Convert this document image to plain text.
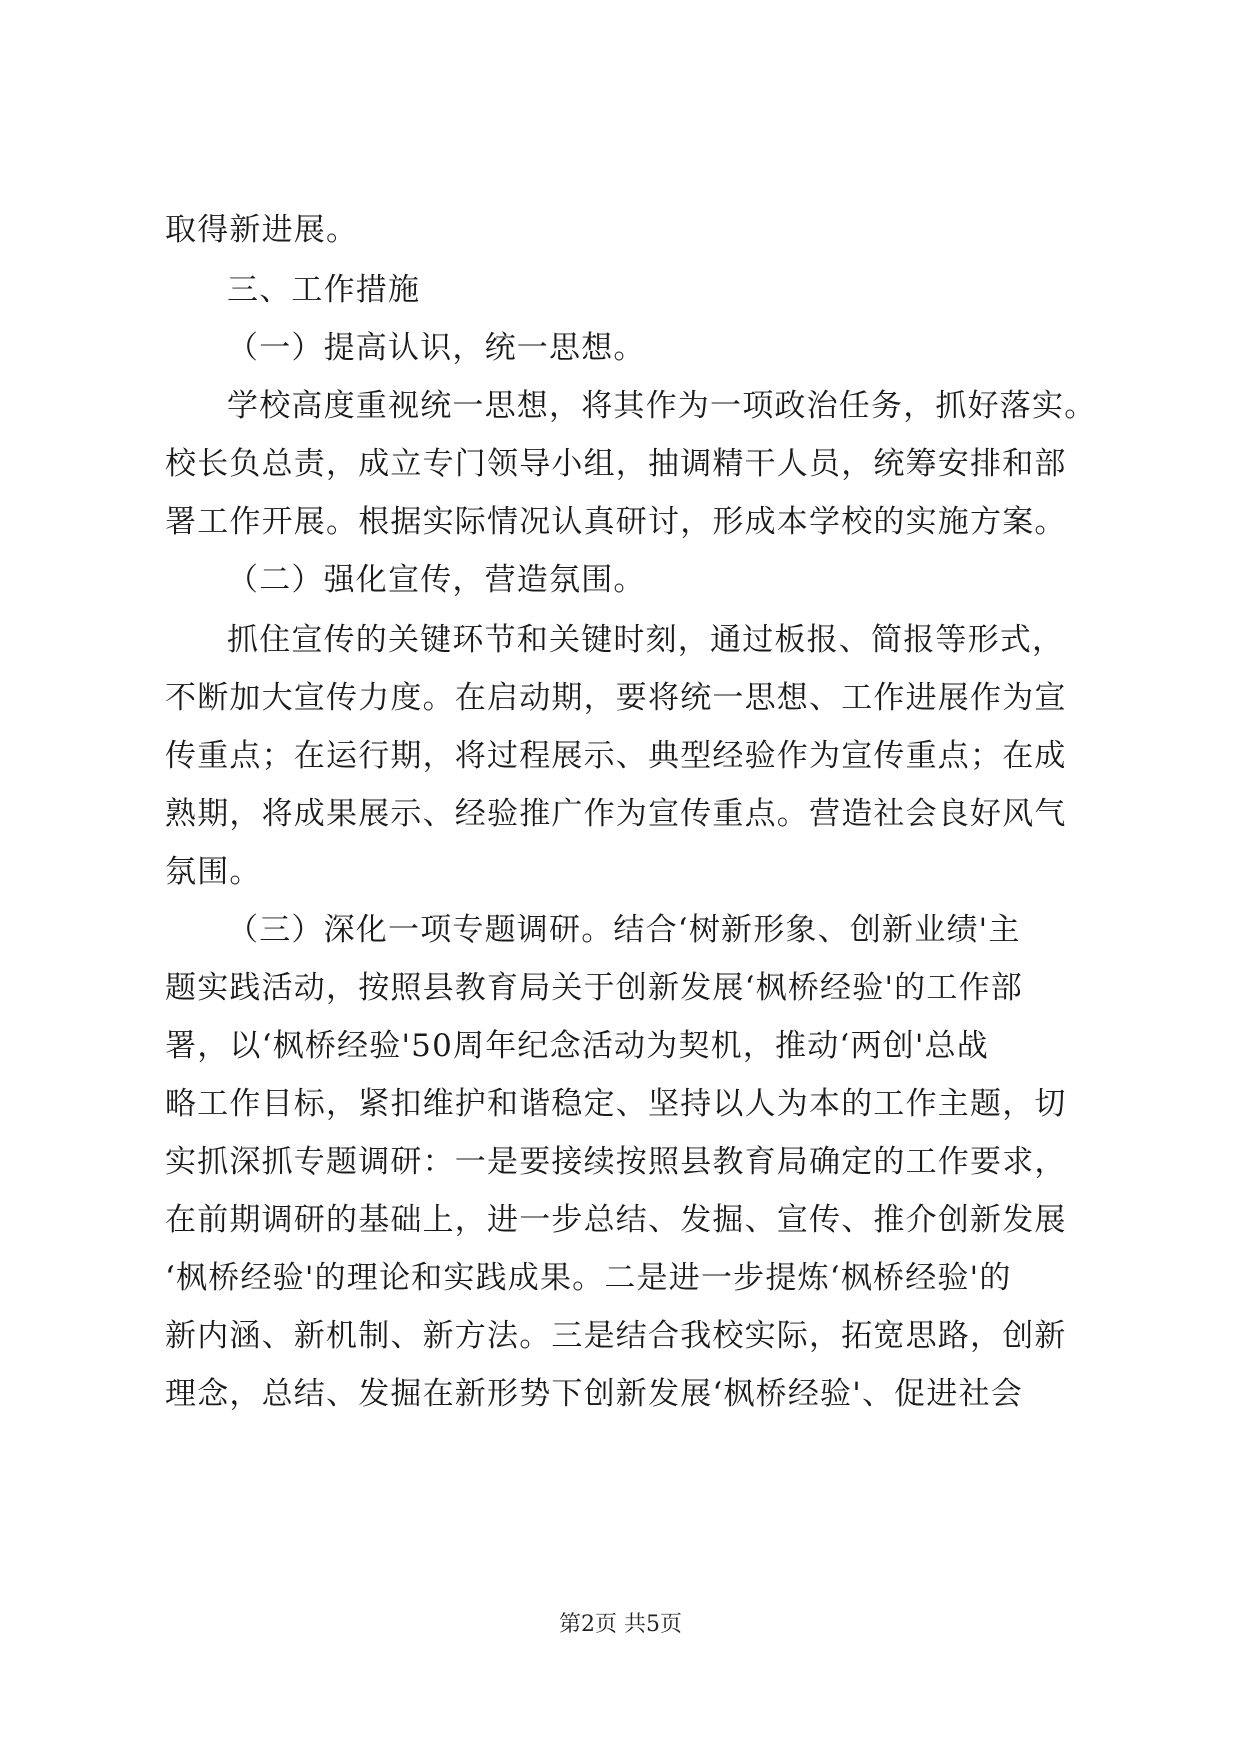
取得新进展。
三、工作措施
（一）提高认识，统一思想。
学校高度重视统一思想，将其作为一项政治任务，抓好落实。
校长负总责，成立专门领导小组，抽调精干人员，统筹安排和部
署工作开展。根据实际情况认真研讨，形成本学校的实施方案。
（二）强化宣传，营造氛围。
抓住宣传的关键环节和关键时刻，通过板报、简报等形式，
不断加大宣传力度。在启动期，要将统一思想、工作进展作为宣
传重点；在运行期，将过程展示、典型经验作为宣传重点；在成
熟期，将成果展示、经验推广作为宣传重点。营造社会良好风气
氛围。
（三）深化一项专题调研。结合‘树新形象、创新业绩'主
题实践活动，按照县教育局关于创新发展‘枫桥经验'的工作部
署，以‘枫桥经验'50周年纪念活动为契机，推动‘两创'总战
略工作目标，紧扣维护和谐稳定、坚持以人为本的工作主题，切
实抓深抓专题调研：一是要接续按照县教育局确定的工作要求，
在前期调研的基础上，进一步总结、发掘、宣传、推介创新发展
‘枫桥经验'的理论和实践成果。二是进一步提炼‘枫桥经验'的
新内涵、新机制、新方法。三是结合我校实际，拓宽思路，创新
理念，总结、发掘在新形势下创新发展‘枫桥经验'、促进社会
第2页 共5页
